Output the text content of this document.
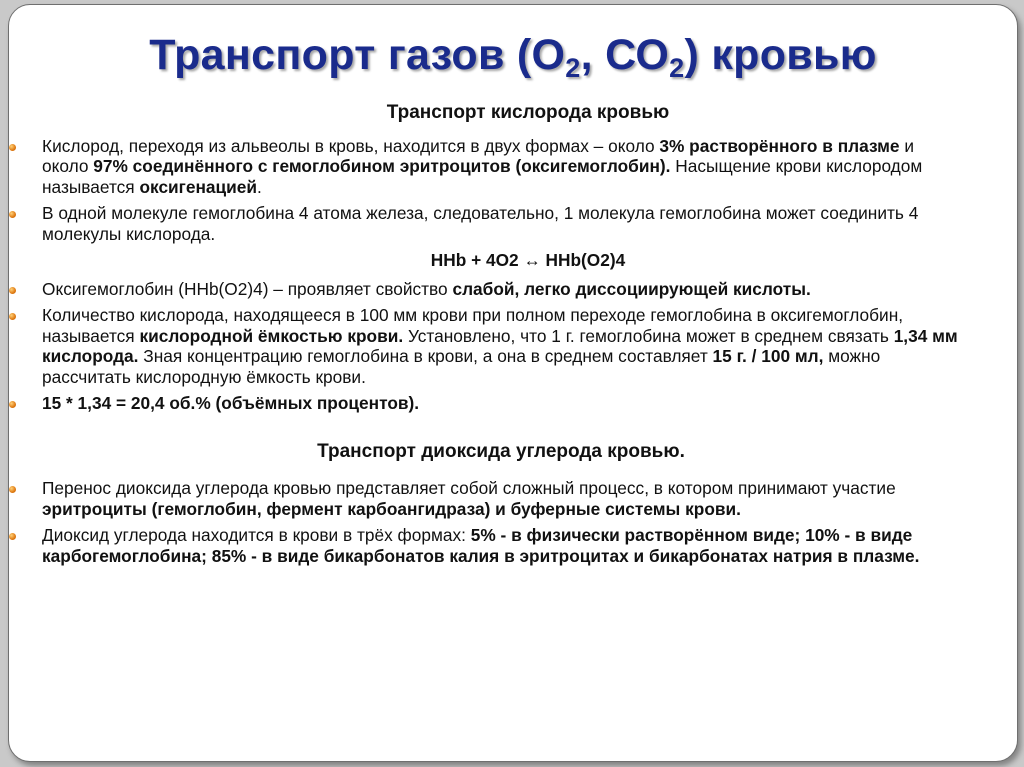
Транспорт газов ($О_2$, $СО_2$) кровью

Транспорт кислорода кровью

Кислород, переходя из альвеолы в кровь, находится в двух формах – около 3% растворённого в плазме и около 97% соединённого с гемоглобином эритроцитов (оксигемоглобин). Насыщение крови кислородом называется оксигенацией.
В одной молекуле гемоглобина 4 атома железа, следовательно, 1 молекула гемоглобина может соединить 4 молекулы кислорода.
HHb + 4O2 ↔ HHb(O2)4
Оксигемоглобин (HHb(O2)4) – проявляет свойство слабой, легко диссоциирующей кислоты.
Количество кислорода, находящееся в 100 мм крови при полном переходе гемоглобина в оксигемоглобин, называется кислородной ёмкостью крови. Установлено, что 1 г. гемоглобина может в среднем связать 1,34 мм кислорода. Зная концентрацию гемоглобина в крови, а она в среднем составляет 15 г. / 100 мл, можно рассчитать кислородную ёмкость крови.
15 * 1,34 = 20,4 об.% (объёмных процентов).

Транспорт диоксида углерода кровью.

Перенос диоксида углерода кровью представляет собой сложный процесс, в котором принимают участие эритроциты (гемоглобин, фермент карбоангидраза) и буферные системы крови.
Диоксид углерода находится в крови в трёх формах: 5% - в физически растворённом виде; 10% - в виде карбогемоглобина; 85% - в виде бикарбонатов калия в эритроцитах и бикарбонатах натрия в плазме.
